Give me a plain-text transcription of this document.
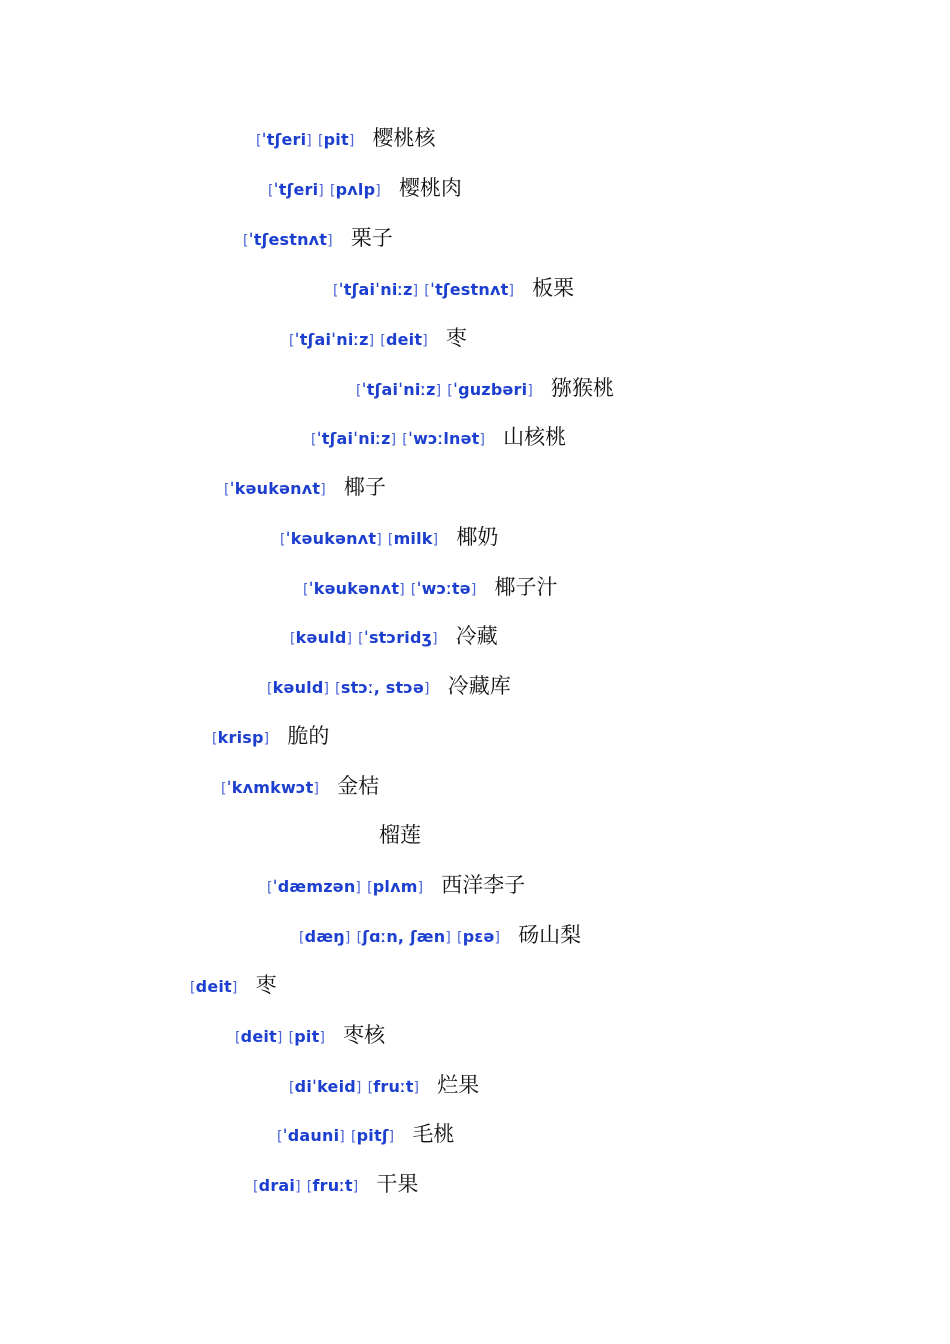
[ˈtʃeri] [pit] 樱桃核
[ˈtʃeri] [pʌlp] 樱桃肉
[ˈtʃestnʌt] 栗子
[ˈtʃaiˈniːz] [ˈtʃestnʌt] 板栗
[ˈtʃaiˈniːz] [deit] 枣
[ˈtʃaiˈniːz] [ˈguzbəri] 猕猴桃
[ˈtʃaiˈniːz] [ˈwɔːlnət] 山核桃
[ˈkəukənʌt] 椰子
[ˈkəukənʌt] [milk] 椰奶
[ˈkəukənʌt] [ˈwɔːtə] 椰子汁
[kəuld] [ˈstɔridʒ] 冷藏
[kəuld] [stɔː, stɔə] 冷藏库
[krisp] 脆的
[ˈkʌmkwɔt] 金桔
榴莲
[ˈdæmzən] [plʌm] 西洋李子
[dæŋ] [ʃɑːn, ʃæn] [pɛə] 砀山梨
[deit] 枣
[deit] [pit] 枣核
[diˈkeid] [fruːt] 烂果
[ˈdauni] [pitʃ] 毛桃
[drai] [fruːt] 干果
